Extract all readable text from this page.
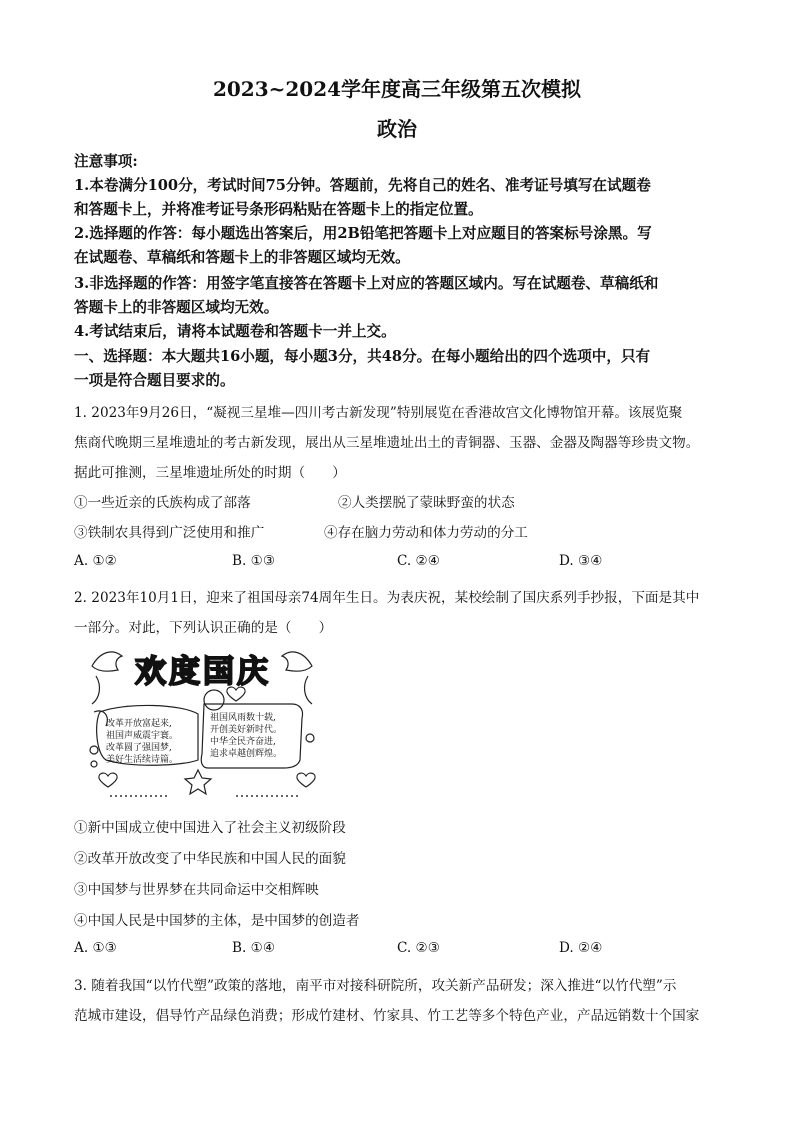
2023~2024学年度高三年级第五次模拟
政治
注意事项:
1.本卷满分100分，考试时间75分钟。答题前，先将自己的姓名、准考证号填写在试题卷
和答题卡上，并将准考证号条形码粘贴在答题卡上的指定位置。
2.选择题的作答：每小题选出答案后，用2B铅笔把答题卡上对应题目的答案标号涂黑。写
在试题卷、草稿纸和答题卡上的非答题区域均无效。
3.非选择题的作答：用签字笔直接答在答题卡上对应的答题区域内。写在试题卷、草稿纸和
答题卡上的非答题区域均无效。
4.考试结束后，请将本试题卷和答题卡一并上交。
一、选择题：本大题共16小题，每小题3分，共48分。在每小题给出的四个选项中，只有
一项是符合题目要求的。
1. 2023年9月26日，“凝视三星堆—四川考古新发现”特别展览在香港故宫文化博物馆开幕。该展览聚
焦商代晚期三星堆遗址的考古新发现，展出从三星堆遗址出土的青铜器、玉器、金器及陶器等珍贵文物。
据此可推测，三星堆遗址所处的时期（　　）
①一些近亲的氏族构成了部落	②人类摆脱了蒙昧野蛮的状态
③铁制农具得到广泛使用和推广	④存在脑力劳动和体力劳动的分工
A. ①②	B. ①③	C. ②④	D. ③④
2. 2023年10月1日，迎来了祖国母亲74周年生日。为表庆祝，某校绘制了国庆系列手抄报，下面是其中
一部分。对此，下列认识正确的是（　　）
欢度国庆
改革开放富起来,
祖国声威震宇寰。
改革圆了强国梦,
美好生活续诗篇。
祖国风雨数十载,
开创美好新时代。
中华全民齐奋进,
追求卓越创辉煌。
①新中国成立使中国进入了社会主义初级阶段
②改革开放改变了中华民族和中国人民的面貌
③中国梦与世界梦在共同命运中交相辉映
④中国人民是中国梦的主体，是中国梦的创造者
A. ①③	B. ①④	C. ②③	D. ②④
3. 随着我国“以竹代塑”政策的落地，南平市对接科研院所，攻关新产品研发；深入推进“以竹代塑”示
范城市建设，倡导竹产品绿色消费；形成竹建材、竹家具、竹工艺等多个特色产业，产品远销数十个国家
